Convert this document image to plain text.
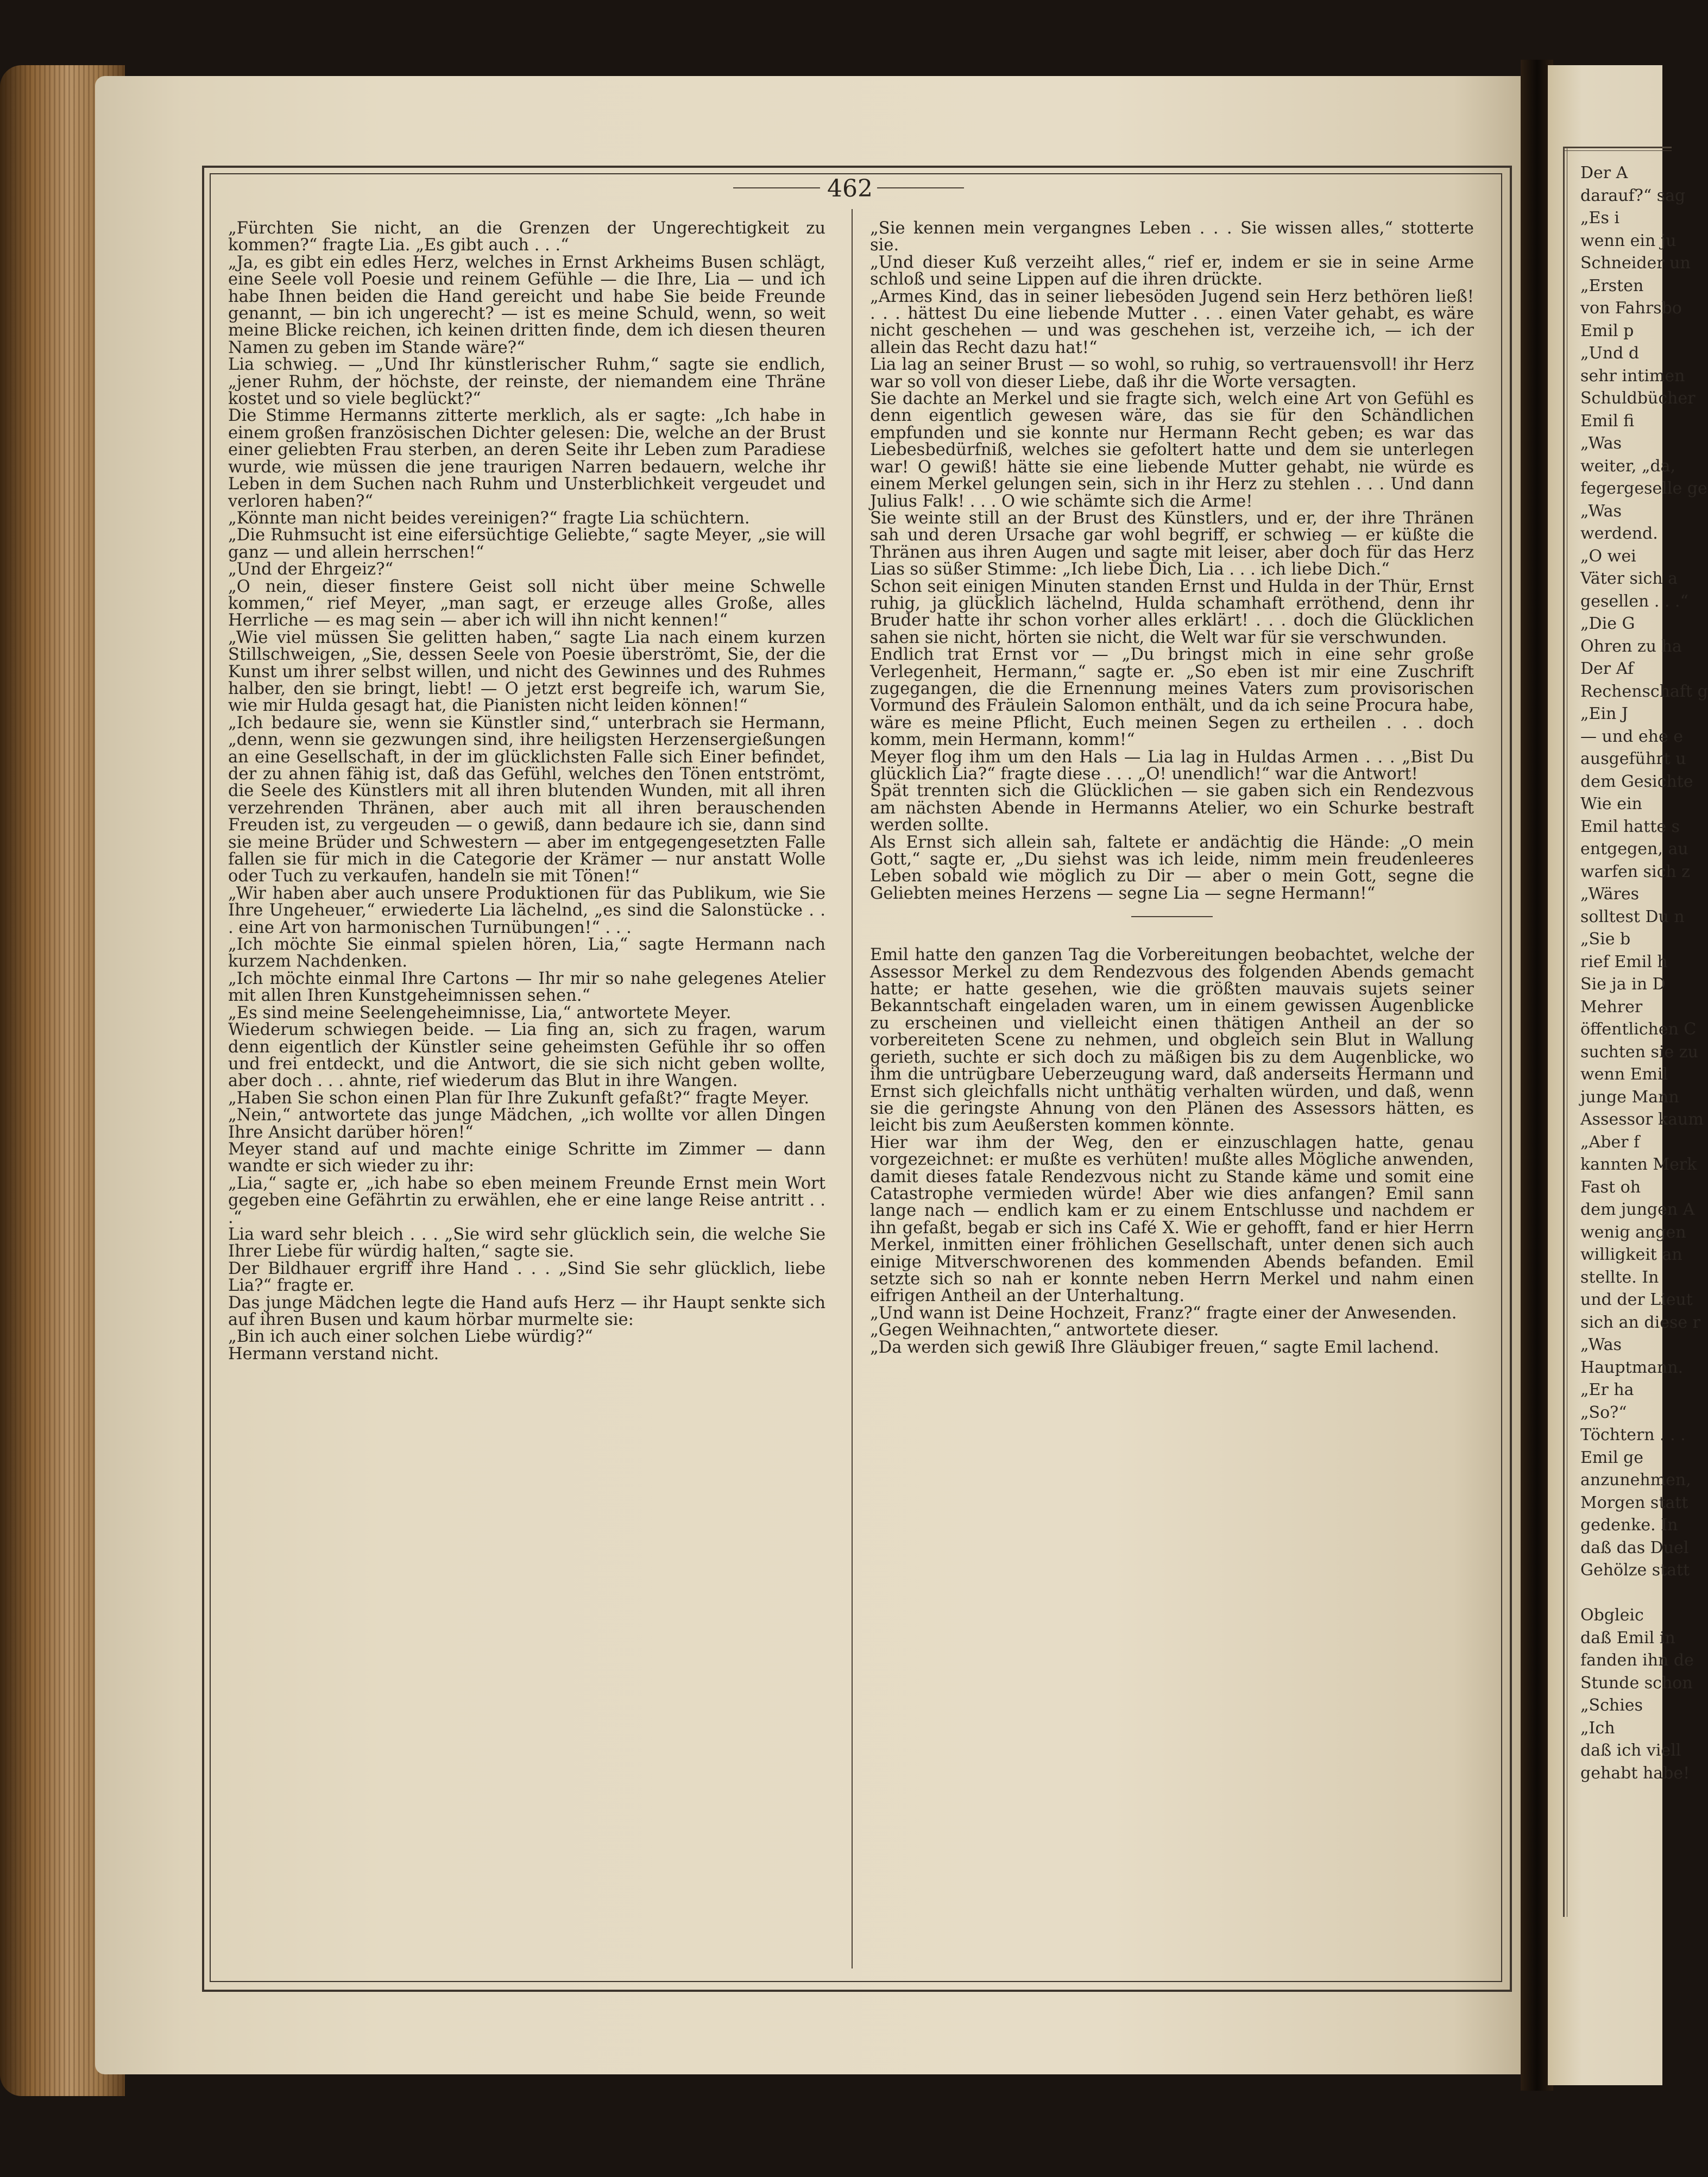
Der A
darauf?“ sag
„Es i
wenn ein ju
Schneider un
„Ersten
von Fahrsbo
Emil p
„Und d
sehr intimen
Schuldbücher
Emil fi
„Was
weiter, „da,
fegergeselle ge
„Was
werdend.
„O wei
Väter sich a
gesellen . . .“
„Die G
Ohren zu ha
Der Af
Rechenschaft g
„Ein J
— und ehe e
ausgeführt u
dem Gesichte
Wie ein
Emil hatte s
entgegen, au
warfen sich z
„Wäres
solltest Du n
„Sie b
rief Emil h
Sie ja in D
Mehrer
öffentlichen C
suchten sie zu
wenn Emil
junge Mann
Assessor kaum
„Aber f
kannten Merk
Fast oh
dem jungen A
wenig angen
willigkeit an
stellte. In
und der Lieut
sich an diese r
„Was
Hauptmann.
„Er ha
„So?“
Töchtern . . .
Emil ge
anzunehmen,
Morgen statt
gedenke. In
daß das Duel
Gehölze statt
Obgleic
daß Emil in
fanden ihn de
Stunde schon
„Schies
„Ich
daß ich viell
gehabt habe!
462

„Fürchten Sie nicht, an die Grenzen der Ungerechtigkeit zu kommen?“ fragte Lia. „Es gibt auch . . .“

„Ja, es gibt ein edles Herz, welches in Ernst Arkheims Busen schlägt, eine Seele voll Poesie und reinem Gefühle — die Ihre, Lia — und ich habe Ihnen beiden die Hand gereicht und habe Sie beide Freunde genannt, — bin ich ungerecht? — ist es meine Schuld, wenn, so weit meine Blicke reichen, ich keinen dritten finde, dem ich diesen theuren Namen zu geben im Stande wäre?“

Lia schwieg. — „Und Ihr künstlerischer Ruhm,“ sagte sie endlich, „jener Ruhm, der höchste, der reinste, der niemandem eine Thräne kostet und so viele beglückt?“

Die Stimme Hermanns zitterte merklich, als er sagte: „Ich habe in einem großen französischen Dichter gelesen: Die, welche an der Brust einer geliebten Frau sterben, an deren Seite ihr Leben zum Paradiese wurde, wie müssen die jene traurigen Narren bedauern, welche ihr Leben in dem Suchen nach Ruhm und Unsterblichkeit vergeudet und verloren haben?“

„Könnte man nicht beides vereinigen?“ fragte Lia schüchtern.

„Die Ruhmsucht ist eine eifersüchtige Geliebte,“ sagte Meyer, „sie will ganz — und allein herrschen!“

„Und der Ehrgeiz?“

„O nein, dieser finstere Geist soll nicht über meine Schwelle kommen,“ rief Meyer, „man sagt, er erzeuge alles Große, alles Herrliche — es mag sein — aber ich will ihn nicht kennen!“

„Wie viel müssen Sie gelitten haben,“ sagte Lia nach einem kurzen Stillschweigen, „Sie, dessen Seele von Poesie überströmt, Sie, der die Kunst um ihrer selbst willen, und nicht des Gewinnes und des Ruhmes halber, den sie bringt, liebt! — O jetzt erst begreife ich, warum Sie, wie mir Hulda gesagt hat, die Pianisten nicht leiden können!“

„Ich bedaure sie, wenn sie Künstler sind,“ unterbrach sie Hermann, „denn, wenn sie gezwungen sind, ihre heiligsten Herzensergießungen an eine Gesellschaft, in der im glücklichsten Falle sich Einer befindet, der zu ahnen fähig ist, daß das Gefühl, welches den Tönen entströmt, die Seele des Künstlers mit all ihren blutenden Wunden, mit all ihren verzehrenden Thränen, aber auch mit all ihren berauschenden Freuden ist, zu vergeuden — o gewiß, dann bedaure ich sie, dann sind sie meine Brüder und Schwestern — aber im entgegengesetzten Falle fallen sie für mich in die Categorie der Krämer — nur anstatt Wolle oder Tuch zu verkaufen, handeln sie mit Tönen!“

„Wir haben aber auch unsere Produktionen für das Publikum, wie Sie Ihre Ungeheuer,“ erwiederte Lia lächelnd, „es sind die Salonstücke . . . eine Art von harmonischen Turnübungen!“ . . .

„Ich möchte Sie einmal spielen hören, Lia,“ sagte Hermann nach kurzem Nachdenken.

„Ich möchte einmal Ihre Cartons — Ihr mir so nahe gelegenes Atelier mit allen Ihren Kunstgeheimnissen sehen.“

„Es sind meine Seelengeheimnisse, Lia,“ antwortete Meyer.

Wiederum schwiegen beide. — Lia fing an, sich zu fragen, warum denn eigentlich der Künstler seine geheimsten Gefühle ihr so offen und frei entdeckt, und die Antwort, die sie sich nicht geben wollte, aber doch . . . ahnte, rief wiederum das Blut in ihre Wangen.

„Haben Sie schon einen Plan für Ihre Zukunft gefaßt?“ fragte Meyer.

„Nein,“ antwortete das junge Mädchen, „ich wollte vor allen Dingen Ihre Ansicht darüber hören!“

Meyer stand auf und machte einige Schritte im Zimmer — dann wandte er sich wieder zu ihr:

„Lia,“ sagte er, „ich habe so eben meinem Freunde Ernst mein Wort gegeben eine Gefährtin zu erwählen, ehe er eine lange Reise antritt . . .“

Lia ward sehr bleich . . . „Sie wird sehr glücklich sein, die welche Sie Ihrer Liebe für würdig halten,“ sagte sie.

Der Bildhauer ergriff ihre Hand . . . „Sind Sie sehr glücklich, liebe Lia?“ fragte er.

Das junge Mädchen legte die Hand aufs Herz — ihr Haupt senkte sich auf ihren Busen und kaum hörbar murmelte sie:

„Bin ich auch einer solchen Liebe würdig?“

Hermann verstand nicht.

„Sie kennen mein vergangnes Leben . . . Sie wissen alles,“ stotterte sie.

„Und dieser Kuß verzeiht alles,“ rief er, indem er sie in seine Arme schloß und seine Lippen auf die ihren drückte.

„Armes Kind, das in seiner liebesöden Jugend sein Herz bethören ließ! . . . hättest Du eine liebende Mutter . . . einen Vater gehabt, es wäre nicht geschehen — und was geschehen ist, verzeihe ich, — ich der allein das Recht dazu hat!“

Lia lag an seiner Brust — so wohl, so ruhig, so vertrauensvoll! ihr Herz war so voll von dieser Liebe, daß ihr die Worte versagten.

Sie dachte an Merkel und sie fragte sich, welch eine Art von Gefühl es denn eigentlich gewesen wäre, das sie für den Schändlichen empfunden und sie konnte nur Hermann Recht geben; es war das Liebesbedürfniß, welches sie gefoltert hatte und dem sie unterlegen war! O gewiß! hätte sie eine liebende Mutter gehabt, nie würde es einem Merkel gelungen sein, sich in ihr Herz zu stehlen . . . Und dann Julius Falk! . . . O wie schämte sich die Arme!

Sie weinte still an der Brust des Künstlers, und er, der ihre Thränen sah und deren Ursache gar wohl begriff, er schwieg — er küßte die Thränen aus ihren Augen und sagte mit leiser, aber doch für das Herz Lias so süßer Stimme: „Ich liebe Dich, Lia . . . ich liebe Dich.“

Schon seit einigen Minuten standen Ernst und Hulda in der Thür, Ernst ruhig, ja glücklich lächelnd, Hulda schamhaft erröthend, denn ihr Bruder hatte ihr schon vorher alles erklärt! . . . doch die Glücklichen sahen sie nicht, hörten sie nicht, die Welt war für sie verschwunden.

Endlich trat Ernst vor — „Du bringst mich in eine sehr große Verlegenheit, Hermann,“ sagte er. „So eben ist mir eine Zuschrift zugegangen, die die Ernennung meines Vaters zum provisorischen Vormund des Fräulein Salomon enthält, und da ich seine Procura habe, wäre es meine Pflicht, Euch meinen Segen zu ertheilen . . . doch komm, mein Hermann, komm!“

Meyer flog ihm um den Hals — Lia lag in Huldas Armen . . . „Bist Du glücklich Lia?“ fragte diese . . . „O! unendlich!“ war die Antwort!

Spät trennten sich die Glücklichen — sie gaben sich ein Rendezvous am nächsten Abende in Hermanns Atelier, wo ein Schurke bestraft werden sollte.

Als Ernst sich allein sah, faltete er andächtig die Hände: „O mein Gott,“ sagte er, „Du siehst was ich leide, nimm mein freudenleeres Leben sobald wie möglich zu Dir — aber o mein Gott, segne die Geliebten meines Herzens — segne Lia — segne Hermann!“

Emil hatte den ganzen Tag die Vorbereitungen beobachtet, welche der Assessor Merkel zu dem Rendezvous des folgenden Abends gemacht hatte; er hatte gesehen, wie die größten mauvais sujets seiner Bekanntschaft eingeladen waren, um in einem gewissen Augenblicke zu erscheinen und vielleicht einen thätigen Antheil an der so vorbereiteten Scene zu nehmen, und obgleich sein Blut in Wallung gerieth, suchte er sich doch zu mäßigen bis zu dem Augenblicke, wo ihm die untrügbare Ueberzeugung ward, daß anderseits Hermann und Ernst sich gleichfalls nicht unthätig verhalten würden, und daß, wenn sie die geringste Ahnung von den Plänen des Assessors hätten, es leicht bis zum Aeußersten kommen könnte.

Hier war ihm der Weg, den er einzuschlagen hatte, genau vorgezeichnet: er mußte es verhüten! mußte alles Mögliche anwenden, damit dieses fatale Rendezvous nicht zu Stande käme und somit eine Catastrophe vermieden würde! Aber wie dies anfangen? Emil sann lange nach — endlich kam er zu einem Entschlusse und nachdem er ihn gefaßt, begab er sich ins Café X. Wie er gehofft, fand er hier Herrn Merkel, inmitten einer fröhlichen Gesellschaft, unter denen sich auch einige Mitverschworenen des kommenden Abends befanden. Emil setzte sich so nah er konnte neben Herrn Merkel und nahm einen eifrigen Antheil an der Unterhaltung.

„Und wann ist Deine Hochzeit, Franz?“ fragte einer der Anwesenden.

„Gegen Weihnachten,“ antwortete dieser.

„Da werden sich gewiß Ihre Gläubiger freuen,“ sagte Emil lachend.
